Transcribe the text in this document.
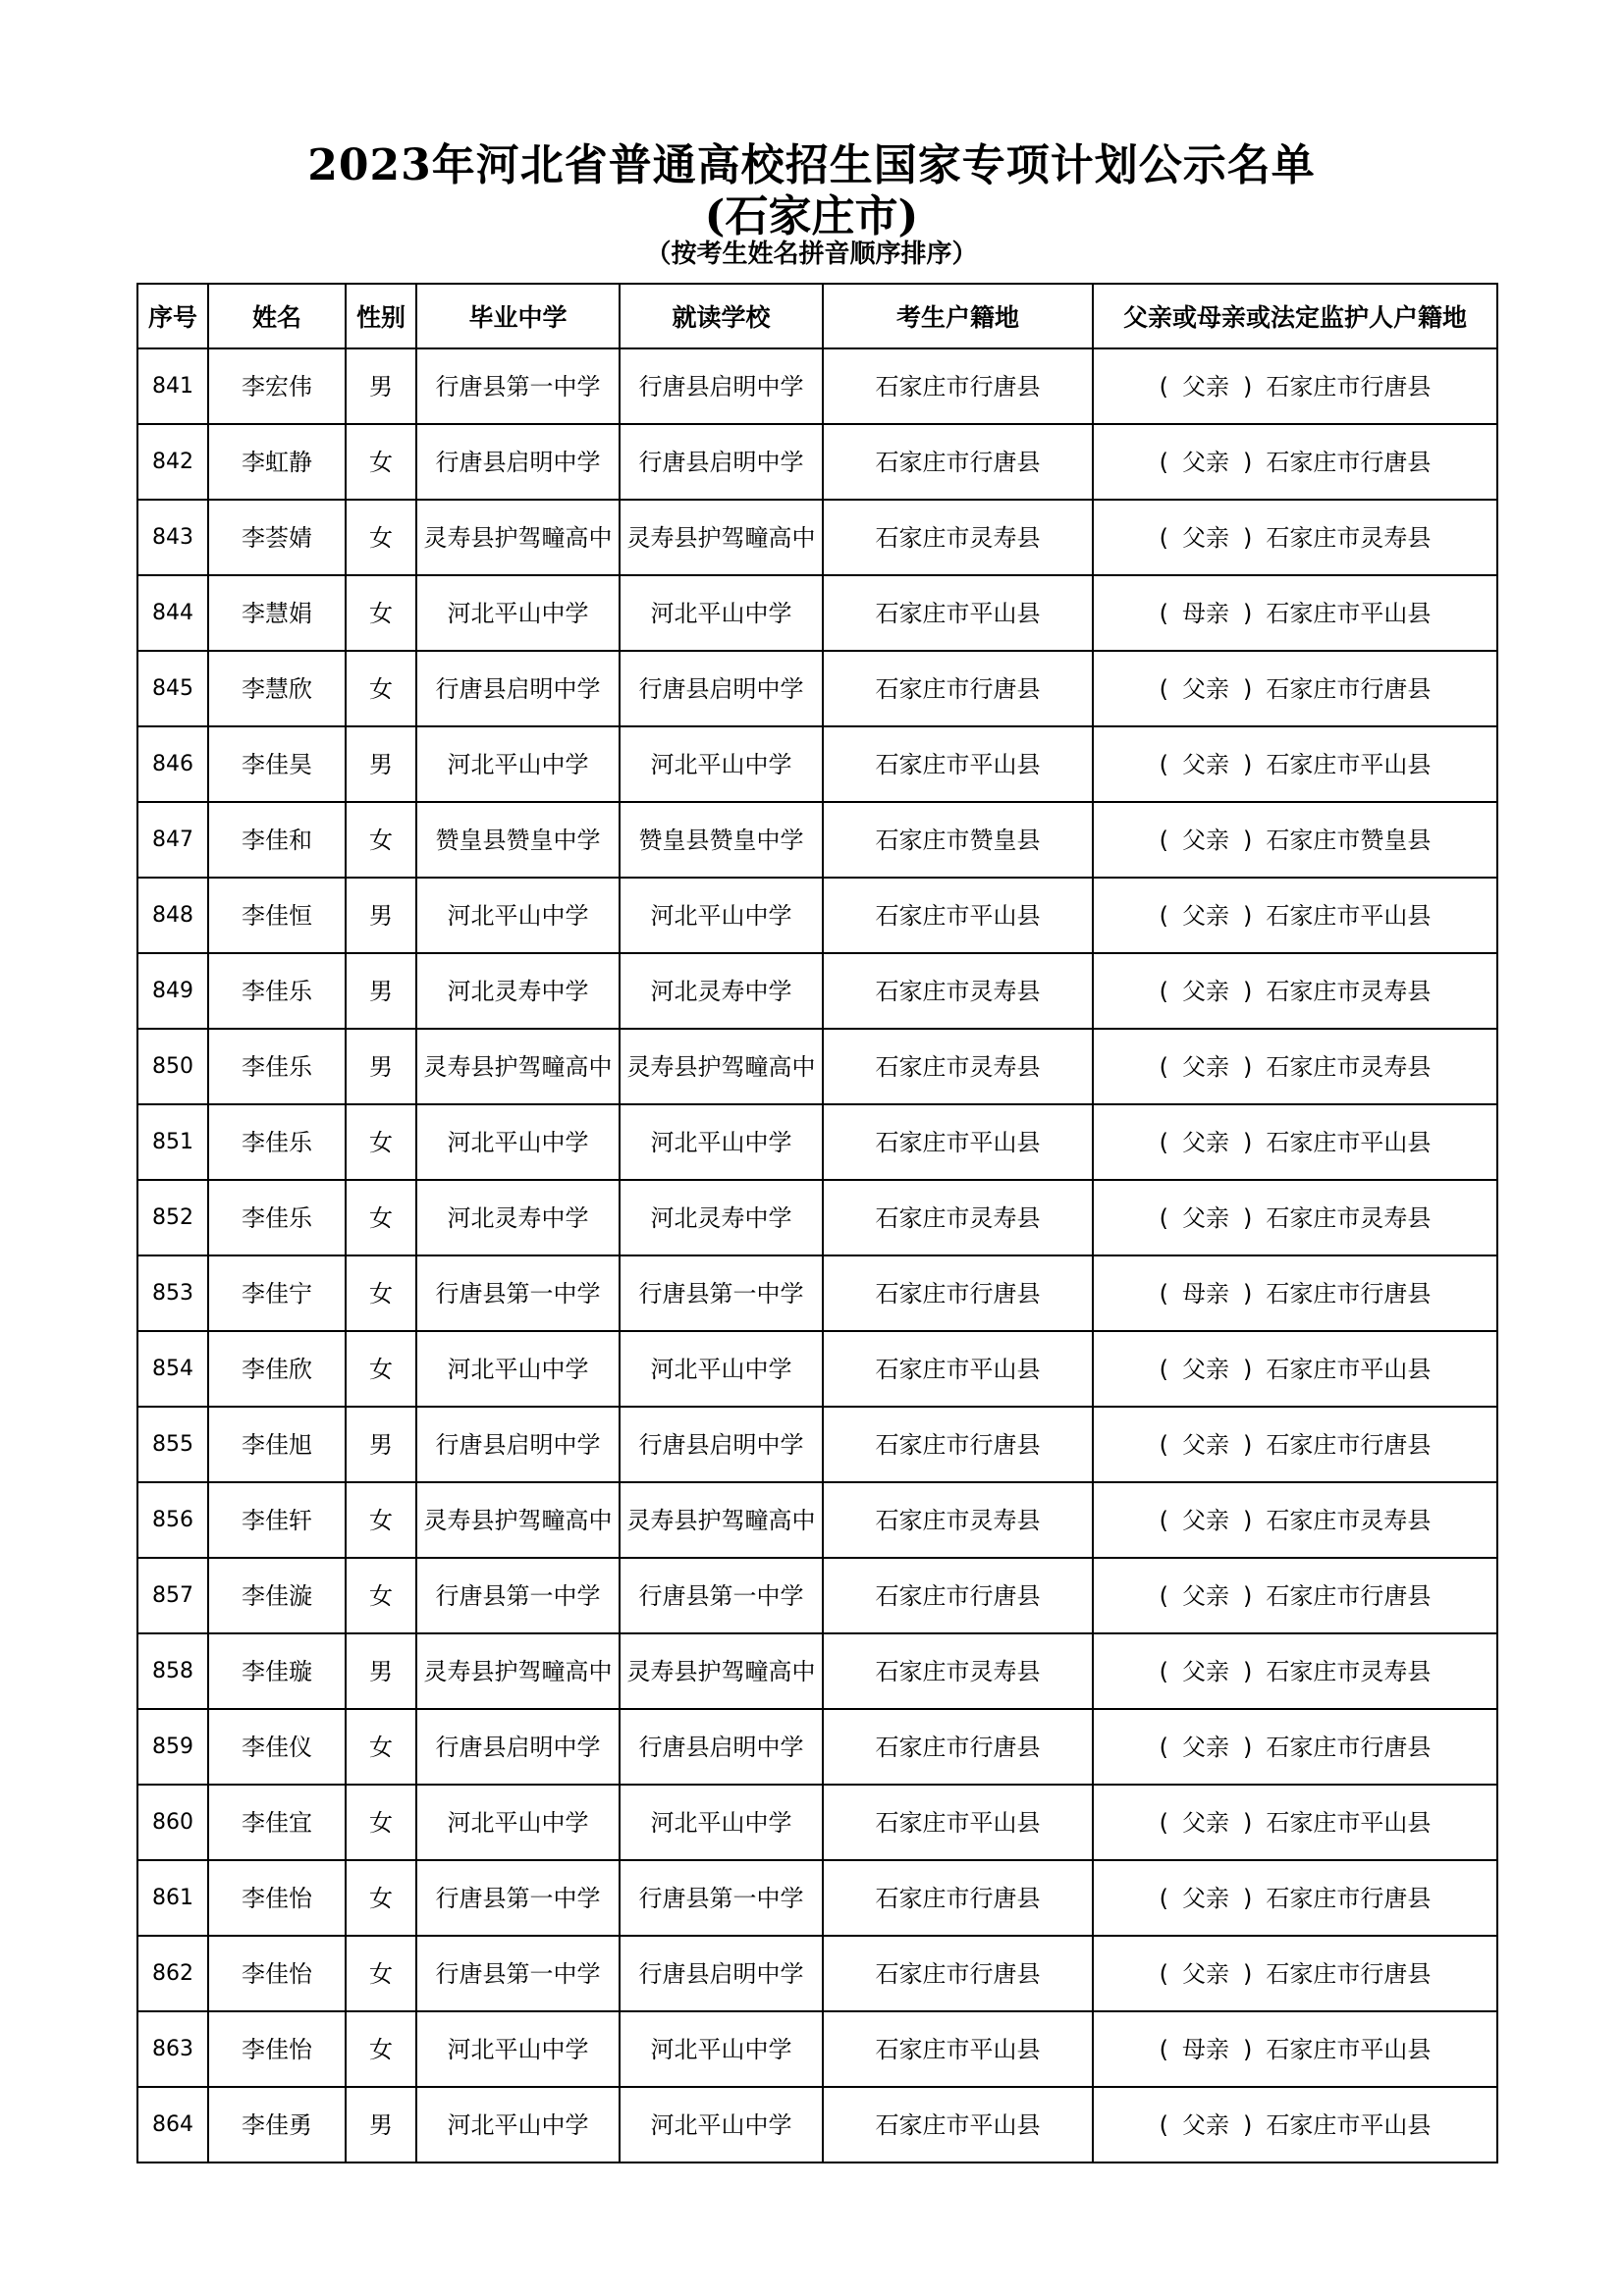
2023年河北省普通高校招生国家专项计划公示名单
(石家庄市)
（按考生姓名拼音顺序排序）
序号	姓名	性别	毕业中学	就读学校	考生户籍地	父亲或母亲或法定监护人户籍地
841	李宏伟	男	行唐县第一中学	行唐县启明中学	石家庄市行唐县	( 父亲 ) 石家庄市行唐县
842	李虹静	女	行唐县启明中学	行唐县启明中学	石家庄市行唐县	( 父亲 ) 石家庄市行唐县
843	李荟婧	女	灵寿县护驾疃高中	灵寿县护驾疃高中	石家庄市灵寿县	( 父亲 ) 石家庄市灵寿县
844	李慧娟	女	河北平山中学	河北平山中学	石家庄市平山县	( 母亲 ) 石家庄市平山县
845	李慧欣	女	行唐县启明中学	行唐县启明中学	石家庄市行唐县	( 父亲 ) 石家庄市行唐县
846	李佳昊	男	河北平山中学	河北平山中学	石家庄市平山县	( 父亲 ) 石家庄市平山县
847	李佳和	女	赞皇县赞皇中学	赞皇县赞皇中学	石家庄市赞皇县	( 父亲 ) 石家庄市赞皇县
848	李佳恒	男	河北平山中学	河北平山中学	石家庄市平山县	( 父亲 ) 石家庄市平山县
849	李佳乐	男	河北灵寿中学	河北灵寿中学	石家庄市灵寿县	( 父亲 ) 石家庄市灵寿县
850	李佳乐	男	灵寿县护驾疃高中	灵寿县护驾疃高中	石家庄市灵寿县	( 父亲 ) 石家庄市灵寿县
851	李佳乐	女	河北平山中学	河北平山中学	石家庄市平山县	( 父亲 ) 石家庄市平山县
852	李佳乐	女	河北灵寿中学	河北灵寿中学	石家庄市灵寿县	( 父亲 ) 石家庄市灵寿县
853	李佳宁	女	行唐县第一中学	行唐县第一中学	石家庄市行唐县	( 母亲 ) 石家庄市行唐县
854	李佳欣	女	河北平山中学	河北平山中学	石家庄市平山县	( 父亲 ) 石家庄市平山县
855	李佳旭	男	行唐县启明中学	行唐县启明中学	石家庄市行唐县	( 父亲 ) 石家庄市行唐县
856	李佳轩	女	灵寿县护驾疃高中	灵寿县护驾疃高中	石家庄市灵寿县	( 父亲 ) 石家庄市灵寿县
857	李佳漩	女	行唐县第一中学	行唐县第一中学	石家庄市行唐县	( 父亲 ) 石家庄市行唐县
858	李佳璇	男	灵寿县护驾疃高中	灵寿县护驾疃高中	石家庄市灵寿县	( 父亲 ) 石家庄市灵寿县
859	李佳仪	女	行唐县启明中学	行唐县启明中学	石家庄市行唐县	( 父亲 ) 石家庄市行唐县
860	李佳宜	女	河北平山中学	河北平山中学	石家庄市平山县	( 父亲 ) 石家庄市平山县
861	李佳怡	女	行唐县第一中学	行唐县第一中学	石家庄市行唐县	( 父亲 ) 石家庄市行唐县
862	李佳怡	女	行唐县第一中学	行唐县启明中学	石家庄市行唐县	( 父亲 ) 石家庄市行唐县
863	李佳怡	女	河北平山中学	河北平山中学	石家庄市平山县	( 母亲 ) 石家庄市平山县
864	李佳勇	男	河北平山中学	河北平山中学	石家庄市平山县	( 父亲 ) 石家庄市平山县
